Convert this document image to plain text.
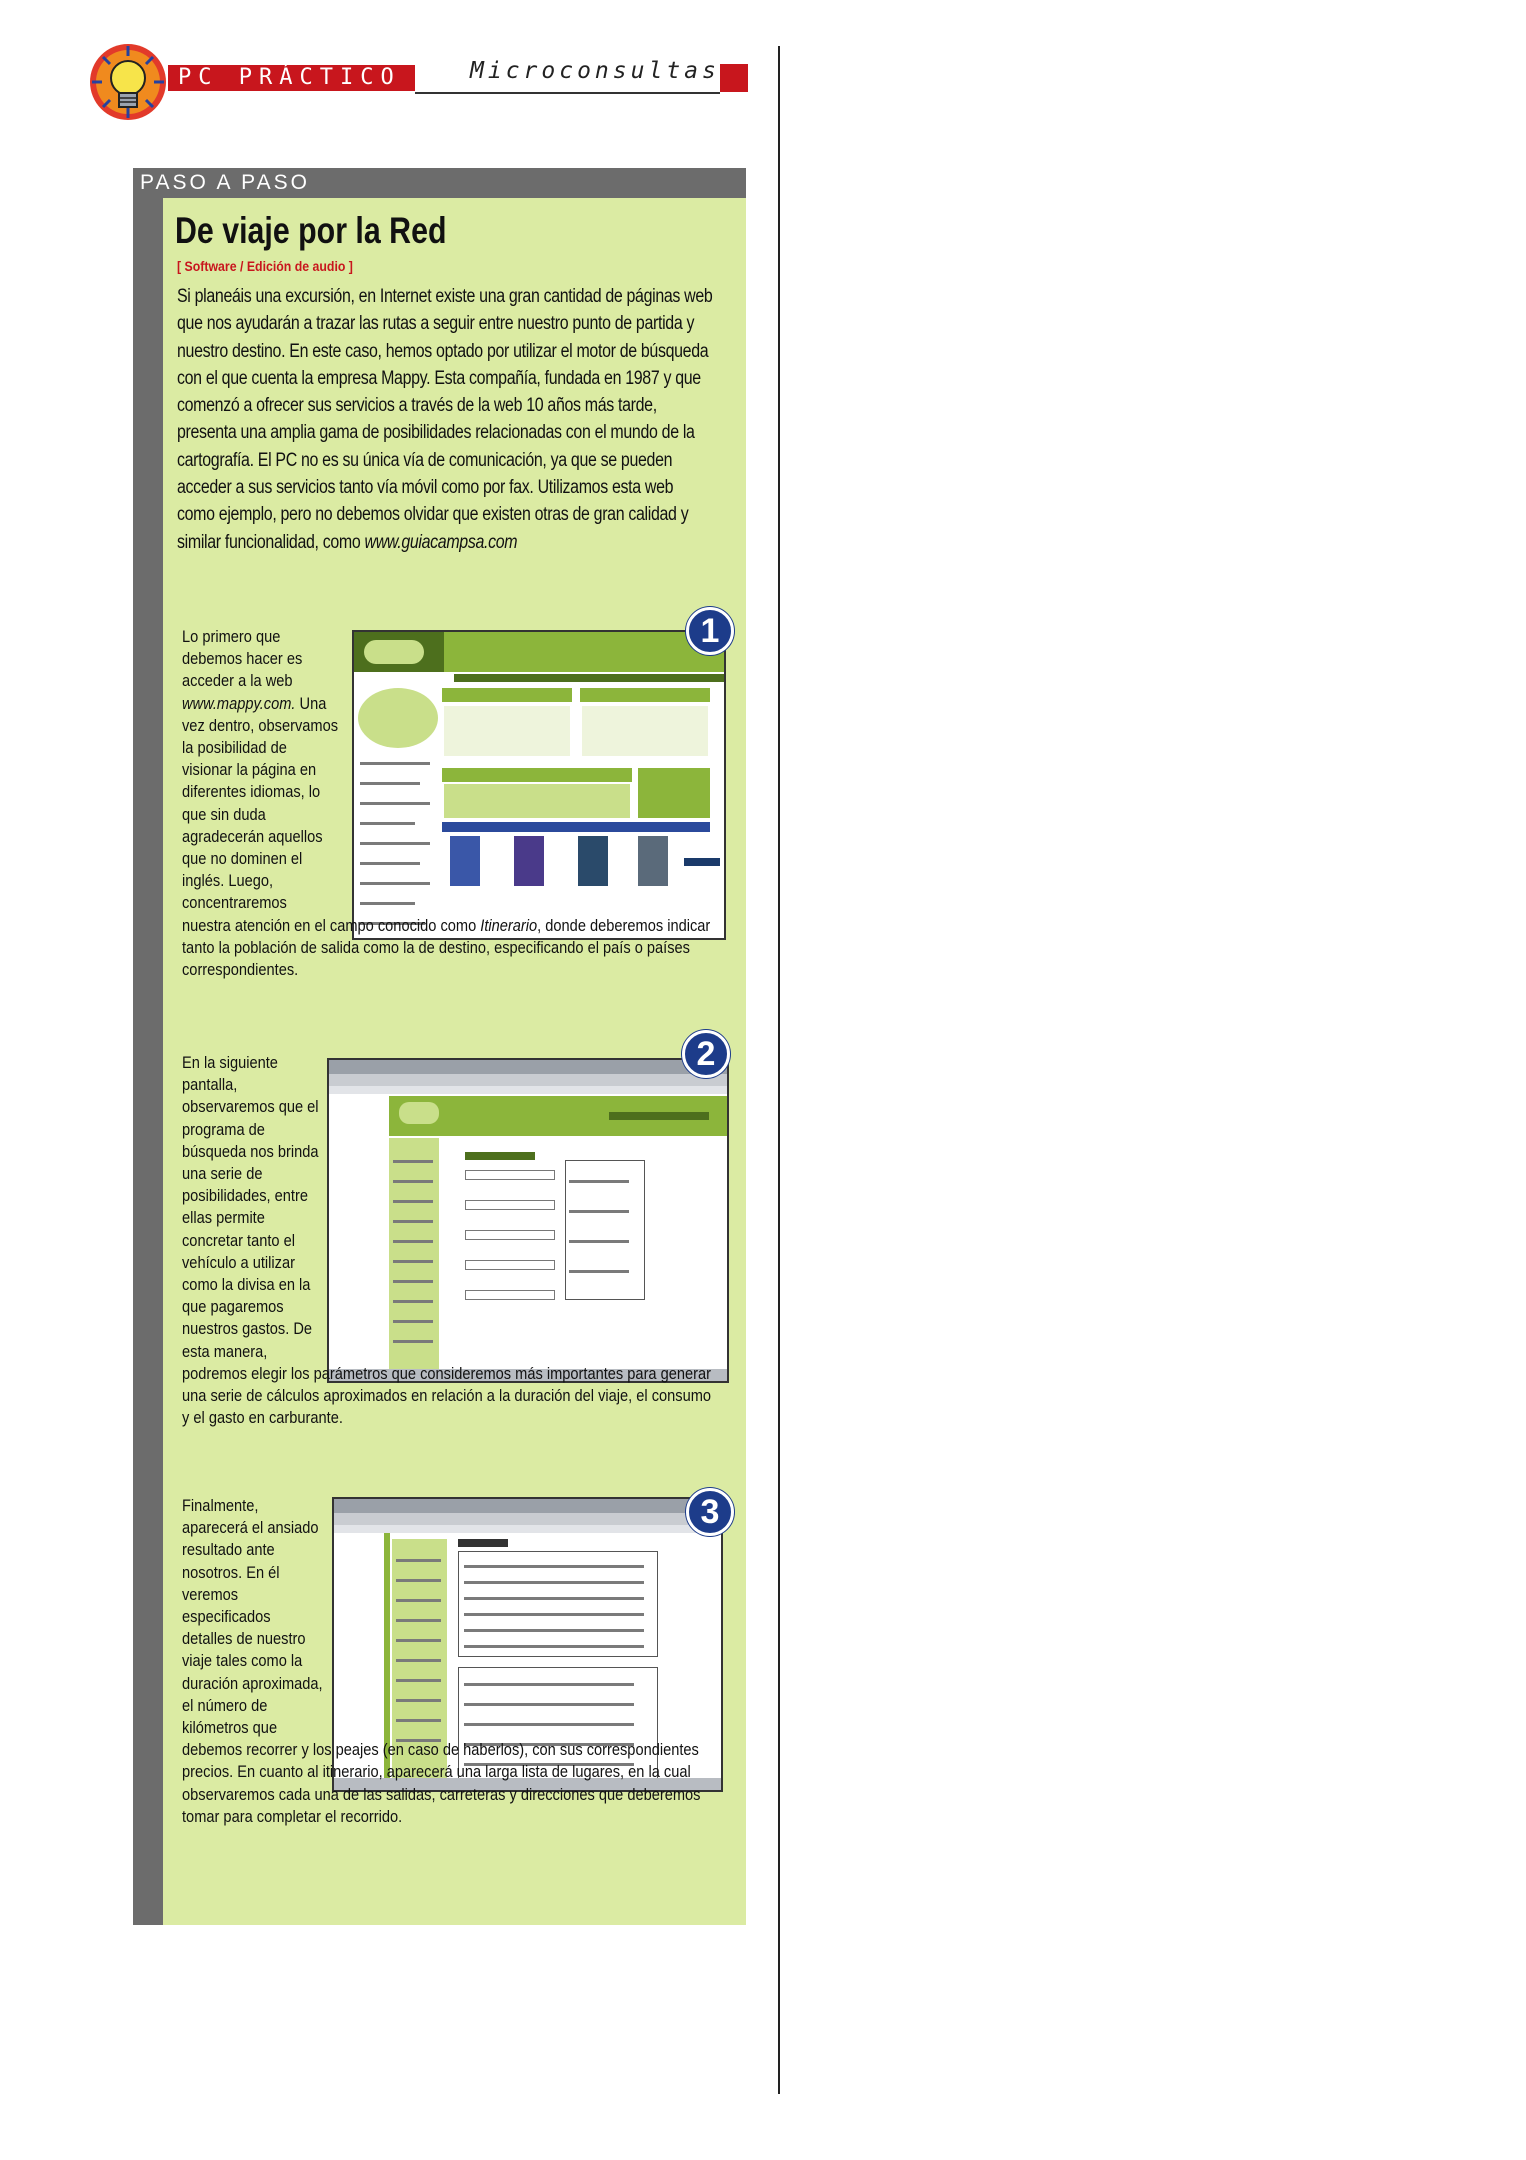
PC PRÁCTICO	Microconsultas
PASO A PASO
De viaje por la Red
[ Software / Edición de audio ]
Si planeáis una excursión, en Internet existe una gran cantidad de páginas web que nos ayudarán a trazar las rutas a seguir entre nuestro punto de partida y nuestro destino. En este caso, hemos optado por utilizar el motor de búsqueda con el que cuenta la empresa Mappy. Esta compañía, fundada en 1987 y que comenzó a ofrecer sus servicios a través de la web 10 años más tarde, presenta una amplia gama de posibilidades relacionadas con el mundo de la cartografía. El PC no es su única vía de comunicación, ya que se pueden acceder a sus servicios tanto vía móvil como por fax. Utilizamos esta web como ejemplo, pero no debemos olvidar que existen otras de gran calidad y similar funcionalidad, como www.guiacampsa.com
1
Lo primero que debemos hacer es acceder a la web www.mappy.com. Una vez dentro, observamos la posibilidad de visionar la página en diferentes idiomas, lo que sin duda agradecerán aquellos que no dominen el inglés. Luego, concentraremos
nuestra atención en el campo conocido como Itinerario, donde deberemos indicar tanto la población de salida como la de destino, especificando el país o países correspondientes.
2
En la siguiente pantalla, observaremos que el programa de búsqueda nos brinda una serie de posibilidades, entre ellas permite concretar tanto el vehículo a utilizar como la divisa en la que pagaremos nuestros gastos. De esta manera,
podremos elegir los parámetros que consideremos más importantes para generar una serie de cálculos aproximados en relación a la duración del viaje, el consumo y el gasto en carburante.
3
Finalmente, aparecerá el ansiado resultado ante nosotros. En él veremos especificados detalles de nuestro viaje tales como la duración aproximada, el número de kilómetros que
debemos recorrer y los peajes (en caso de haberlos), con sus correspondientes precios. En cuanto al itinerario, aparecerá una larga lista de lugares, en la cual observaremos cada una de las salidas, carreteras y direcciones que deberemos tomar para completar el recorrido.
